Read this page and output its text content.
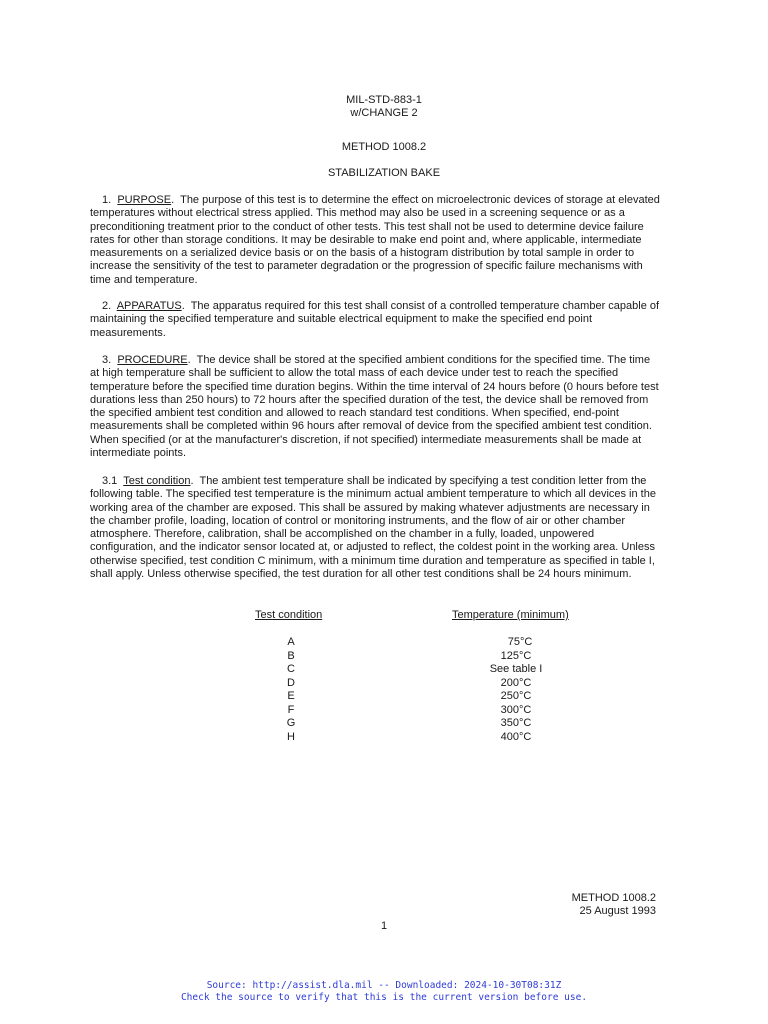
MIL-STD-883-1
w/CHANGE 2
METHOD 1008.2
STABILIZATION BAKE
1. PURPOSE.  The purpose of this test is to determine the effect on microelectronic devices of storage at elevated
temperatures without electrical stress applied. This method may also be used in a screening sequence or as a
preconditioning treatment prior to the conduct of other tests. This test shall not be used to determine device failure
rates for other than storage conditions. It may be desirable to make end point and, where applicable, intermediate
measurements on a serialized device basis or on the basis of a histogram distribution by total sample in order to
increase the sensitivity of the test to parameter degradation or the progression of specific failure mechanisms with
time and temperature.
2. APPARATUS.  The apparatus required for this test shall consist of a controlled temperature chamber capable of
maintaining the specified temperature and suitable electrical equipment to make the specified end point
measurements.
3. PROCEDURE.  The device shall be stored at the specified ambient conditions for the specified time. The time
at high temperature shall be sufficient to allow the total mass of each device under test to reach the specified
temperature before the specified time duration begins. Within the time interval of 24 hours before (0 hours before test
durations less than 250 hours) to 72 hours after the specified duration of the test, the device shall be removed from
the specified ambient test condition and allowed to reach standard test conditions. When specified, end-point
measurements shall be completed within 96 hours after removal of device from the specified ambient test condition.
When specified (or at the manufacturer's discretion, if not specified) intermediate measurements shall be made at
intermediate points.
3.1 Test condition.  The ambient test temperature shall be indicated by specifying a test condition letter from the
following table. The specified test temperature is the minimum actual ambient temperature to which all devices in the
working area of the chamber are exposed. This shall be assured by making whatever adjustments are necessary in
the chamber profile, loading, location of control or monitoring instruments, and the flow of air or other chamber
atmosphere. Therefore, calibration, shall be accomplished on the chamber in a fully, loaded, unpowered
configuration, and the indicator sensor located at, or adjusted to reflect, the coldest point in the working area. Unless
otherwise specified, test condition C minimum, with a minimum time duration and temperature as specified in table I,
shall apply. Unless otherwise specified, the test duration for all other test conditions shall be 24 hours minimum.
Test condition	Temperature (minimum)
A
B
C
D
E
F
G
H
75°C
125°C
See table I
200°C
250°C
300°C
350°C
400°C
METHOD 1008.2
25 August 1993
1
Source: http://assist.dla.mil -- Downloaded: 2024-10-30T08:31Z
Check the source to verify that this is the current version before use.
